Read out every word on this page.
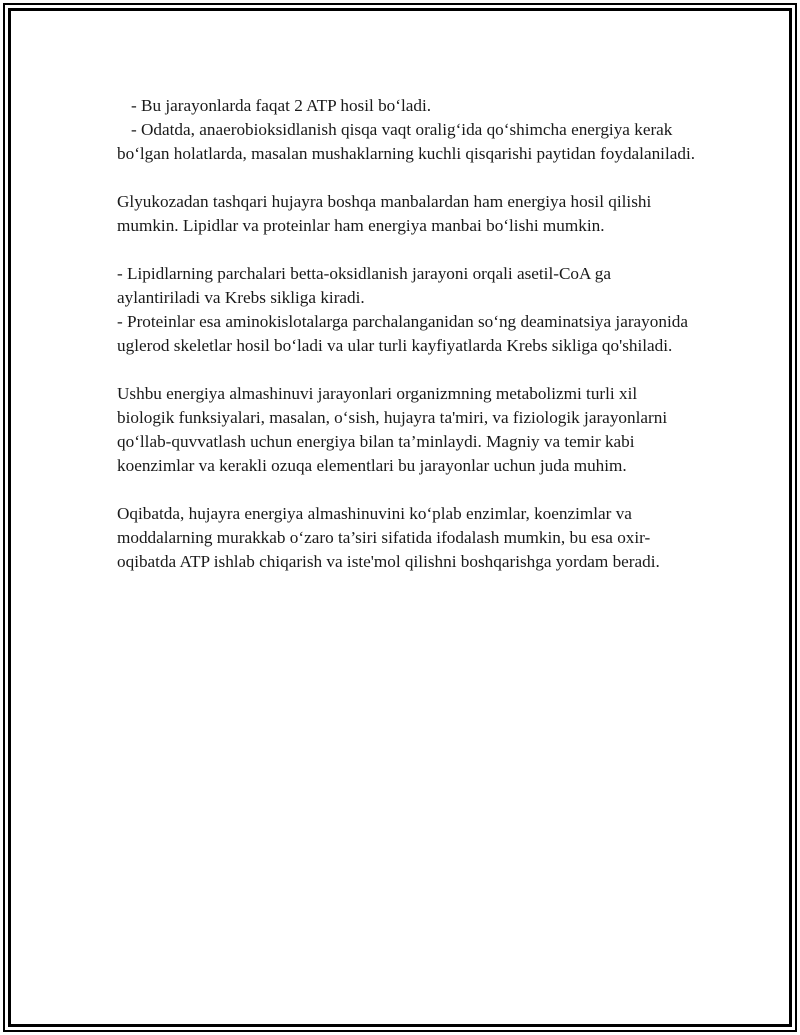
- Bu jarayonlarda faqat 2 ATP hosil bo‘ladi.

- Odatda, anaerobioksidlanish qisqa vaqt oralig‘ida qo‘shimcha energiya kerak bo‘lgan holatlarda, masalan mushaklarning kuchli qisqarishi paytidan foydalaniladi.

Glyukozadan tashqari hujayra boshqa manbalardan ham energiya hosil qilishi mumkin. Lipidlar va proteinlar ham energiya manbai bo‘lishi mumkin.

- Lipidlarning parchalari betta-oksidlanish jarayoni orqali asetil-CoA ga aylantiriladi va Krebs sikliga kiradi.

- Proteinlar esa aminokislotalarga parchalanganidan so‘ng deaminatsiya jarayonida uglerod skeletlar hosil bo‘ladi va ular turli kayfiyatlarda Krebs sikliga qo'shiladi.

Ushbu energiya almashinuvi jarayonlari organizmning metabolizmi turli xil biologik funksiyalari, masalan, o‘sish, hujayra ta'miri, va fiziologik jarayonlarni qo‘llab-quvvatlash uchun energiya bilan ta’minlaydi. Magniy va temir kabi koenzimlar va kerakli ozuqa elementlari bu jarayonlar uchun juda muhim.

Oqibatda, hujayra energiya almashinuvini ko‘plab enzimlar, koenzimlar va moddalarning murakkab o‘zaro ta’siri sifatida ifodalash mumkin, bu esa oxir-oqibatda ATP ishlab chiqarish va iste'mol qilishni boshqarishga yordam beradi.
